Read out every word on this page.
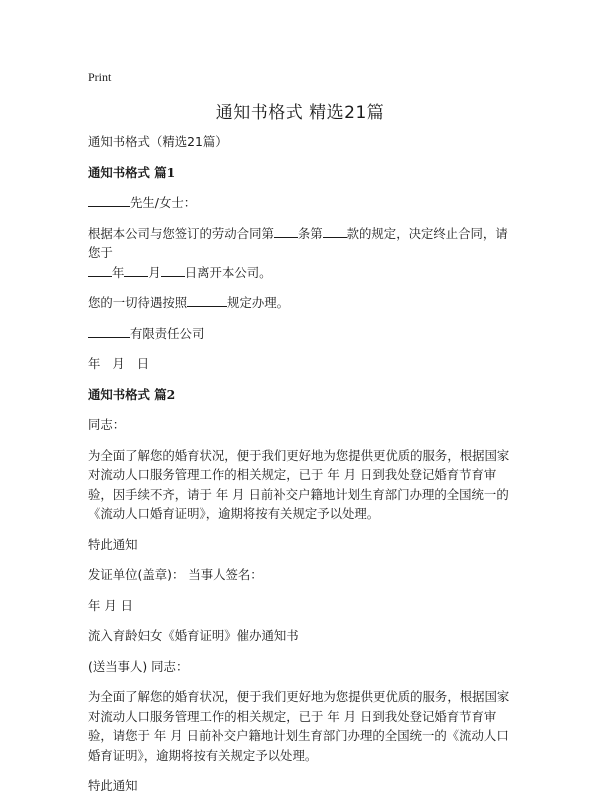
Print
通知书格式 精选21篇

通知书格式（精选21篇）

通知书格式 篇1

先生/女士：

根据本公司与您签订的劳动合同第 条第 款的规定，决定终止合同，请您于
年 月 日离开本公司。

您的一切待遇按照	规定办理。

有限责任公司

年 月 日

通知书格式 篇2

同志：

为全面了解您的婚育状况，便于我们更好地为您提供更优质的服务，根据国家对流动人口服务管理工作的相关规定，已于 年 月 日到我处登记婚育节育审验，因手续不齐，请于 年 月 日前补交户籍地计划生育部门办理的全国统一的《流动人口婚育证明》，逾期将按有关规定予以处理。

特此通知

发证单位(盖章)： 当事人签名：

年 月 日

流入育龄妇女《婚育证明》催办通知书

(送当事人) 同志：

为全面了解您的婚育状况，便于我们更好地为您提供更优质的服务，根据国家对流动人口服务管理工作的相关规定，已于 年 月 日到我处登记婚育节育审验，请您于 年 月 日前补交户籍地计划生育部门办理的全国统一的《流动人口婚育证明》，逾期将按有关规定予以处理。

特此通知
